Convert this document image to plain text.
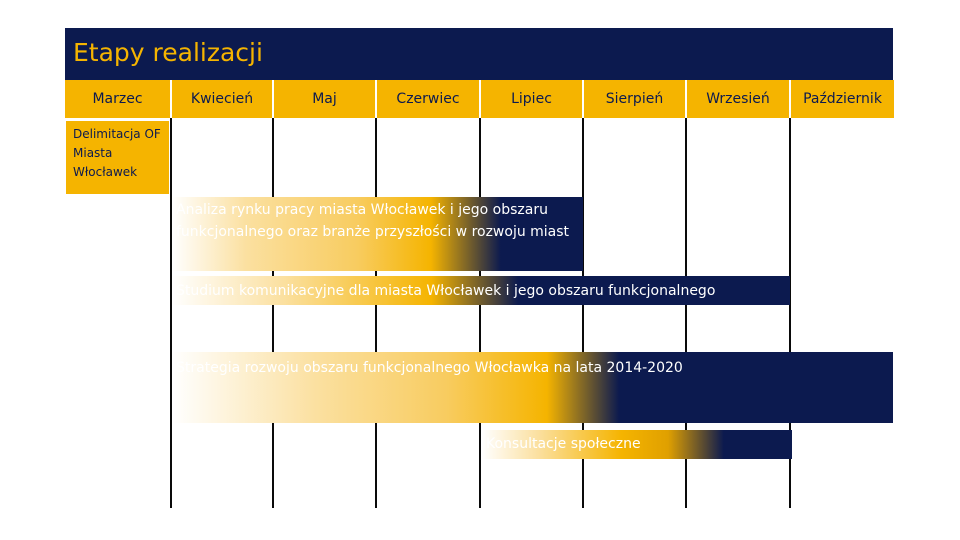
Etapy realizacji
Marzec	Kwiecień	Maj	Czerwiec	Lipiec	Sierpień	Wrzesień	Październik
Delimitacja OF Miasta Włocławek
Analiza rynku pracy miasta Włocławek i jego obszaru funkcjonalnego oraz branże przyszłości w rozwoju miast
Studium komunikacyjne dla miasta Włocławek i jego obszaru funkcjonalnego
Strategia rozwoju obszaru funkcjonalnego Włocławka na lata 2014-2020
Konsultacje społeczne
